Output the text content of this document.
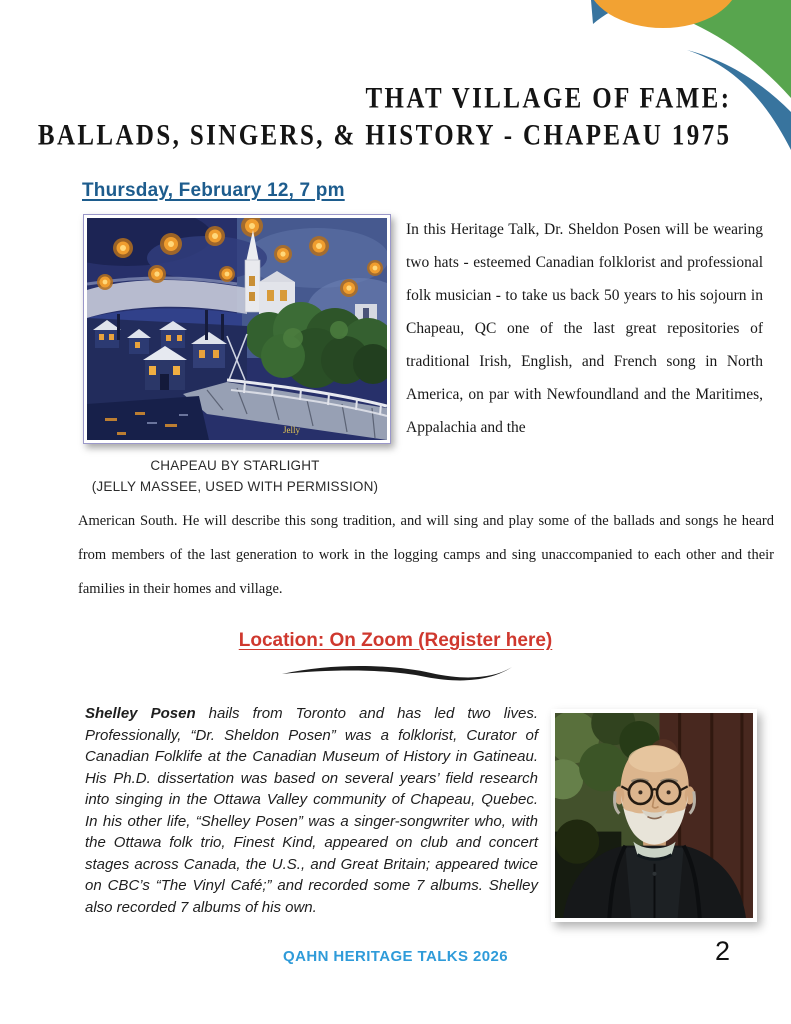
THAT VILLAGE OF FAME:
BALLADS, SINGERS, & HISTORY - CHAPEAU 1975
Thursday, February 12, 7 pm
Jelly
CHAPEAU BY STARLIGHT
(JELLY MASSEE, USED WITH PERMISSION)
In this Heritage Talk, Dr. Sheldon Posen will be wearing two hats - esteemed Canadian folklorist and professional folk musician - to take us back 50 years to his sojourn in Chapeau, QC one of the last great repositories of traditional Irish, English, and French song in North America, on par with Newfoundland and the Maritimes, Appalachia and the
American South. He will describe this song tradition, and will sing and play some of the ballads and songs he heard from members of the last generation to work in the logging camps and sing unaccompanied to each other and their families in their homes and village.
Location: On Zoom (Register here)
Shelley Posen hails from Toronto and has led two lives. Professionally, “Dr. Sheldon Posen” was a folklorist, Curator of Canadian Folklife at the Canadian Museum of History in Gatineau. His Ph.D. dissertation was based on several years’ field research into singing in the Ottawa Valley community of Chapeau, Quebec. In his other life, “Shelley Posen” was a singer-songwriter who, with the Ottawa folk trio, Finest Kind, appeared on club and concert stages across Canada, the U.S., and Great Britain; appeared twice on CBC’s “The Vinyl Café;” and recorded some 7 albums. Shelley also recorded 7 albums of his own.
QAHN HERITAGE TALKS 2026	2
